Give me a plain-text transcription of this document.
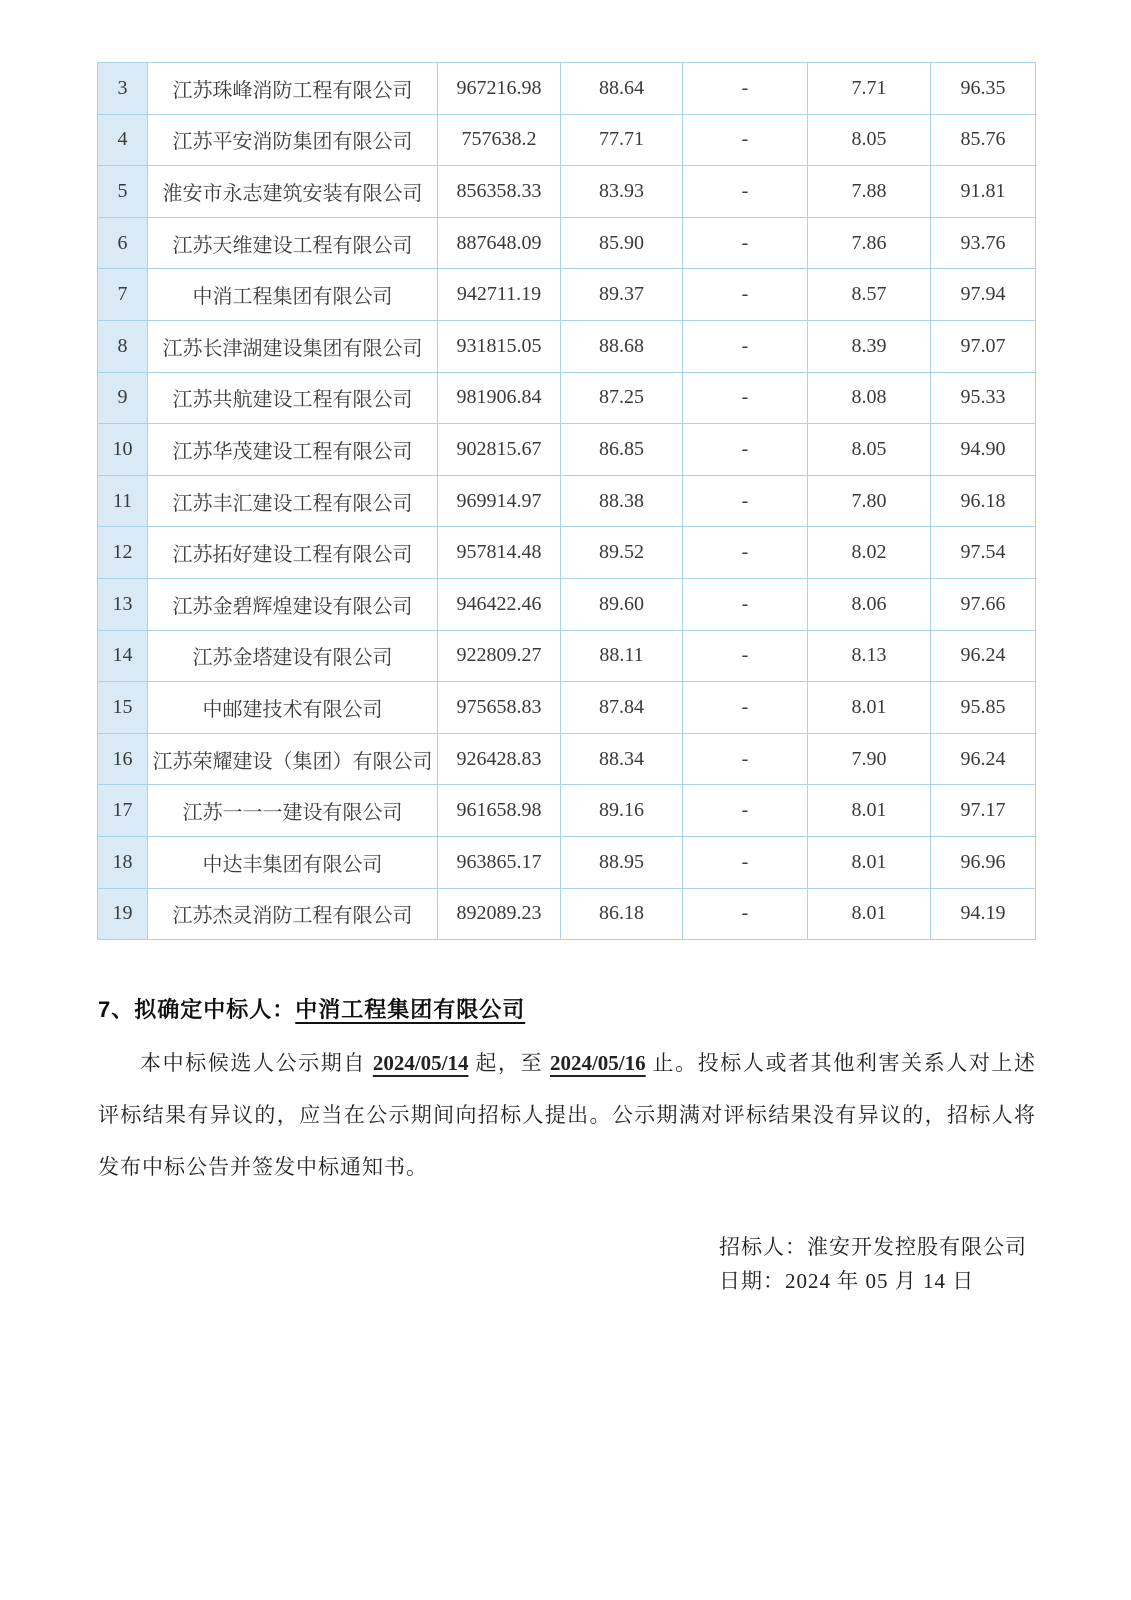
3	江苏珠峰消防工程有限公司	967216.98	88.64	-	7.71	96.35
4	江苏平安消防集团有限公司	757638.2	77.71	-	8.05	85.76
5	淮安市永志建筑安装有限公司	856358.33	83.93	-	7.88	91.81
6	江苏天维建设工程有限公司	887648.09	85.90	-	7.86	93.76
7	中消工程集团有限公司	942711.19	89.37	-	8.57	97.94
8	江苏长津湖建设集团有限公司	931815.05	88.68	-	8.39	97.07
9	江苏共航建设工程有限公司	981906.84	87.25	-	8.08	95.33
10	江苏华茂建设工程有限公司	902815.67	86.85	-	8.05	94.90
11	江苏丰汇建设工程有限公司	969914.97	88.38	-	7.80	96.18
12	江苏拓好建设工程有限公司	957814.48	89.52	-	8.02	97.54
13	江苏金碧辉煌建设有限公司	946422.46	89.60	-	8.06	97.66
14	江苏金塔建设有限公司	922809.27	88.11	-	8.13	96.24
15	中邮建技术有限公司	975658.83	87.84	-	8.01	95.85
16	江苏荣耀建设（集团）有限公司	926428.83	88.34	-	7.90	96.24
17	江苏一一一建设有限公司	961658.98	89.16	-	8.01	97.17
18	中达丰集团有限公司	963865.17	88.95	-	8.01	96.96
19	江苏杰灵消防工程有限公司	892089.23	86.18	-	8.01	94.19
7、拟确定中标人：中消工程集团有限公司
本中标候选人公示期自 2024/05/14 起，至 2024/05/16 止。投标人或者其他利害关系人对上述评标结果有异议的，应当在公示期间向招标人提出。公示期满对评标结果没有异议的，招标人将发布中标公告并签发中标通知书。
招标人：淮安开发控股有限公司
日期：2024 年 05 月 14 日
